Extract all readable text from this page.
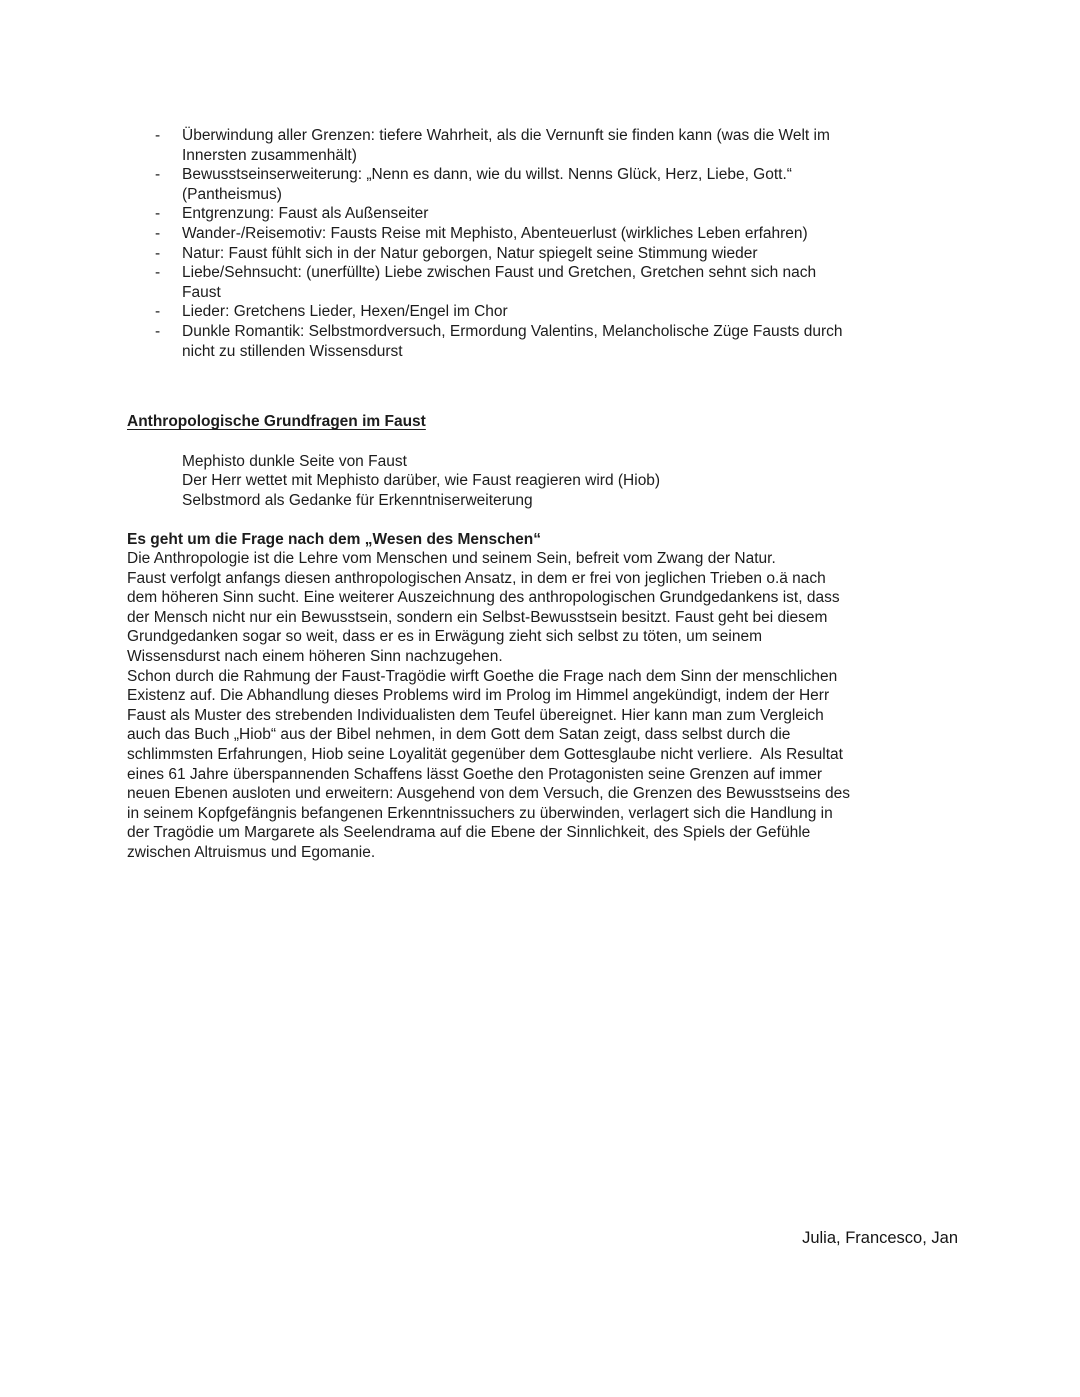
-	Überwindung aller Grenzen: tiefere Wahrheit, als die Vernunft sie finden kann (was die Welt im
Innersten zusammenhält)
-	Bewusstseinserweiterung: „Nenn es dann, wie du willst. Nenns Glück, Herz, Liebe, Gott.“
(Pantheismus)
-	Entgrenzung: Faust als Außenseiter
-	Wander-/Reisemotiv: Fausts Reise mit Mephisto, Abenteuerlust (wirkliches Leben erfahren)
-	Natur: Faust fühlt sich in der Natur geborgen, Natur spiegelt seine Stimmung wieder
-	Liebe/Sehnsucht: (unerfüllte) Liebe zwischen Faust und Gretchen, Gretchen sehnt sich nach
Faust
-	Lieder: Gretchens Lieder, Hexen/Engel im Chor
-	Dunkle Romantik: Selbstmordversuch, Ermordung Valentins, Melancholische Züge Fausts durch
nicht zu stillenden Wissensdurst
Anthropologische Grundfragen im Faust
Mephisto dunkle Seite von Faust
Der Herr wettet mit Mephisto darüber, wie Faust reagieren wird (Hiob)
Selbstmord als Gedanke für Erkenntniserweiterung
Es geht um die Frage nach dem „Wesen des Menschen“
Die Anthropologie ist die Lehre vom Menschen und seinem Sein, befreit vom Zwang der Natur.
Faust verfolgt anfangs diesen anthropologischen Ansatz, in dem er frei von jeglichen Trieben o.ä nach
dem höheren Sinn sucht. Eine weiterer Auszeichnung des anthropologischen Grundgedankens ist, dass
der Mensch nicht nur ein Bewusstsein, sondern ein Selbst-Bewusstsein besitzt. Faust geht bei diesem
Grundgedanken sogar so weit, dass er es in Erwägung zieht sich selbst zu töten, um seinem
Wissensdurst nach einem höheren Sinn nachzugehen.
Schon durch die Rahmung der Faust-Tragödie wirft Goethe die Frage nach dem Sinn der menschlichen
Existenz auf. Die Abhandlung dieses Problems wird im Prolog im Himmel angekündigt, indem der Herr
Faust als Muster des strebenden Individualisten dem Teufel übereignet. Hier kann man zum Vergleich
auch das Buch „Hiob“ aus der Bibel nehmen, in dem Gott dem Satan zeigt, dass selbst durch die
schlimmsten Erfahrungen, Hiob seine Loyalität gegenüber dem Gottesglaube nicht verliere.  Als Resultat
eines 61 Jahre überspannenden Schaffens lässt Goethe den Protagonisten seine Grenzen auf immer
neuen Ebenen ausloten und erweitern: Ausgehend von dem Versuch, die Grenzen des Bewusstseins des
in seinem Kopfgefängnis befangenen Erkenntnissuchers zu überwinden, verlagert sich die Handlung in
der Tragödie um Margarete als Seelendrama auf die Ebene der Sinnlichkeit, des Spiels der Gefühle
zwischen Altruismus und Egomanie.
Julia, Francesco, Jan
